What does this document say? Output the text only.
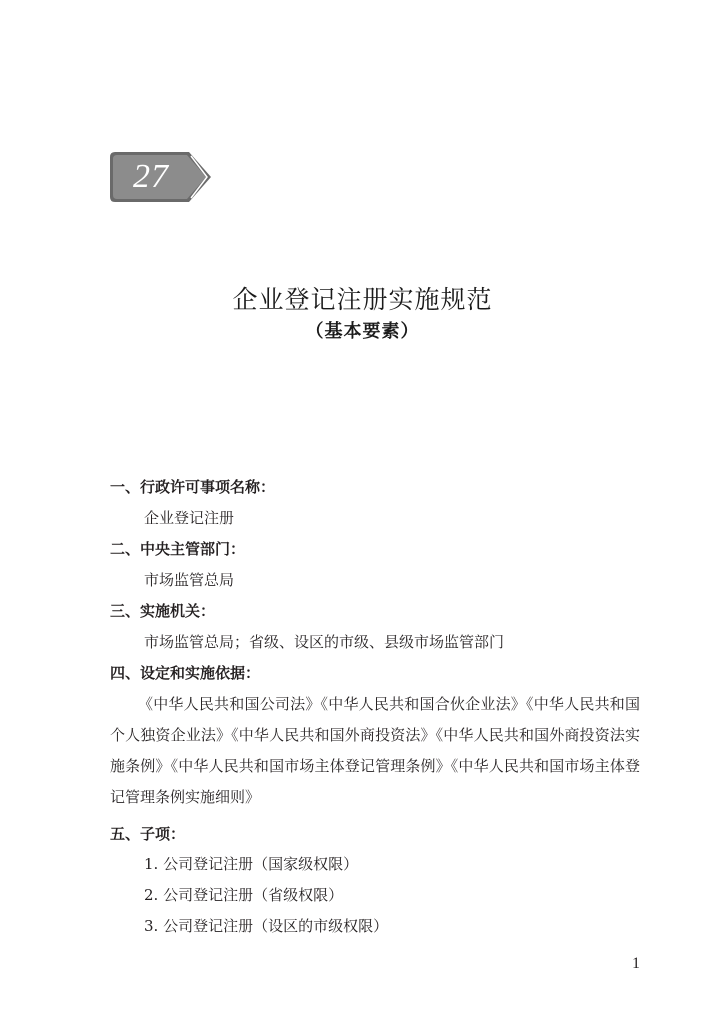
27
企业登记注册实施规范
（基本要素）
一、行政许可事项名称：
企业登记注册
二、中央主管部门：
市场监管总局
三、实施机关：
市场监管总局；省级、设区的市级、县级市场监管部门
四、设定和实施依据：
《中华人民共和国公司法》《中华人民共和国合伙企业法》《中华人民共和国个人独资企业法》《中华人民共和国外商投资法》《中华人民共和国外商投资法实施条例》《中华人民共和国市场主体登记管理条例》《中华人民共和国市场主体登记管理条例实施细则》
五、子项：
1. 公司登记注册（国家级权限）
2. 公司登记注册（省级权限）
3. 公司登记注册（设区的市级权限）
1
